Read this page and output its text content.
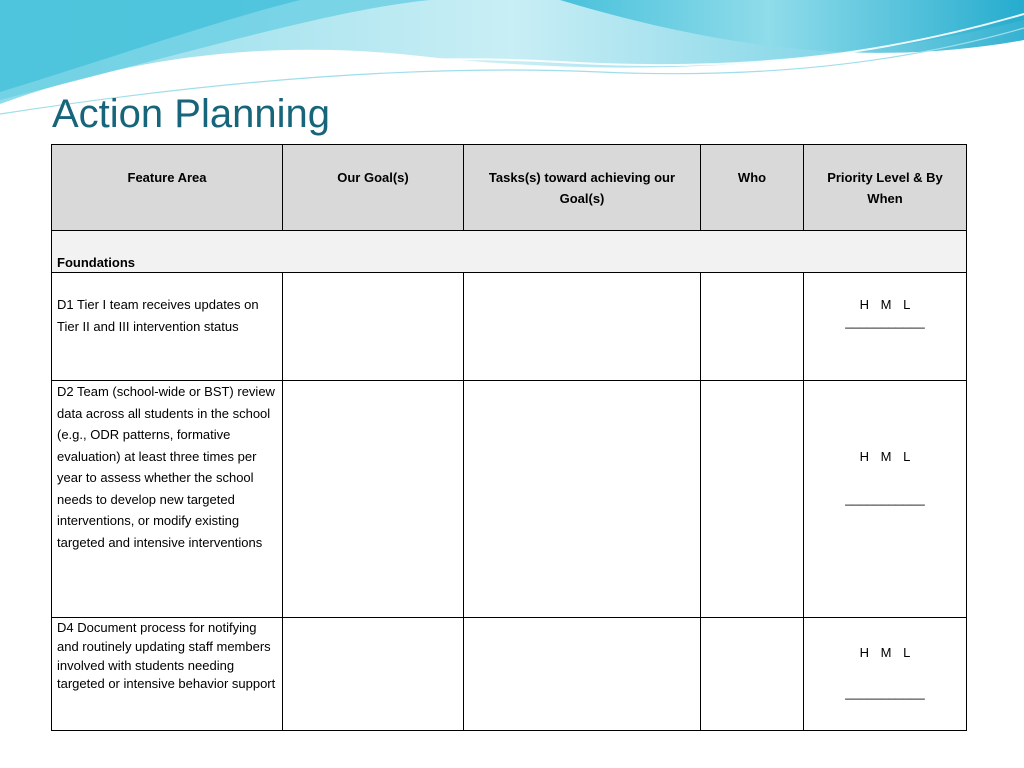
Action Planning
Feature Area	Our Goal(s)	Tasks(s) toward achieving our Goal(s)	Who	Priority Level & By When
Foundations				
D1 Tier I team receives updates on Tier II and III intervention status				H M L
___________

D2 Team (school-wide or BST) review data across all students in the school (e.g., ODR patterns, formative evaluation) at least three times per year to assess whether the school needs to develop new targeted interventions, or modify existing targeted and intensive interventions				H M L
___________

D4 Document process for notifying and routinely updating staff members involved with students needing targeted or intensive behavior support				H M L
___________
